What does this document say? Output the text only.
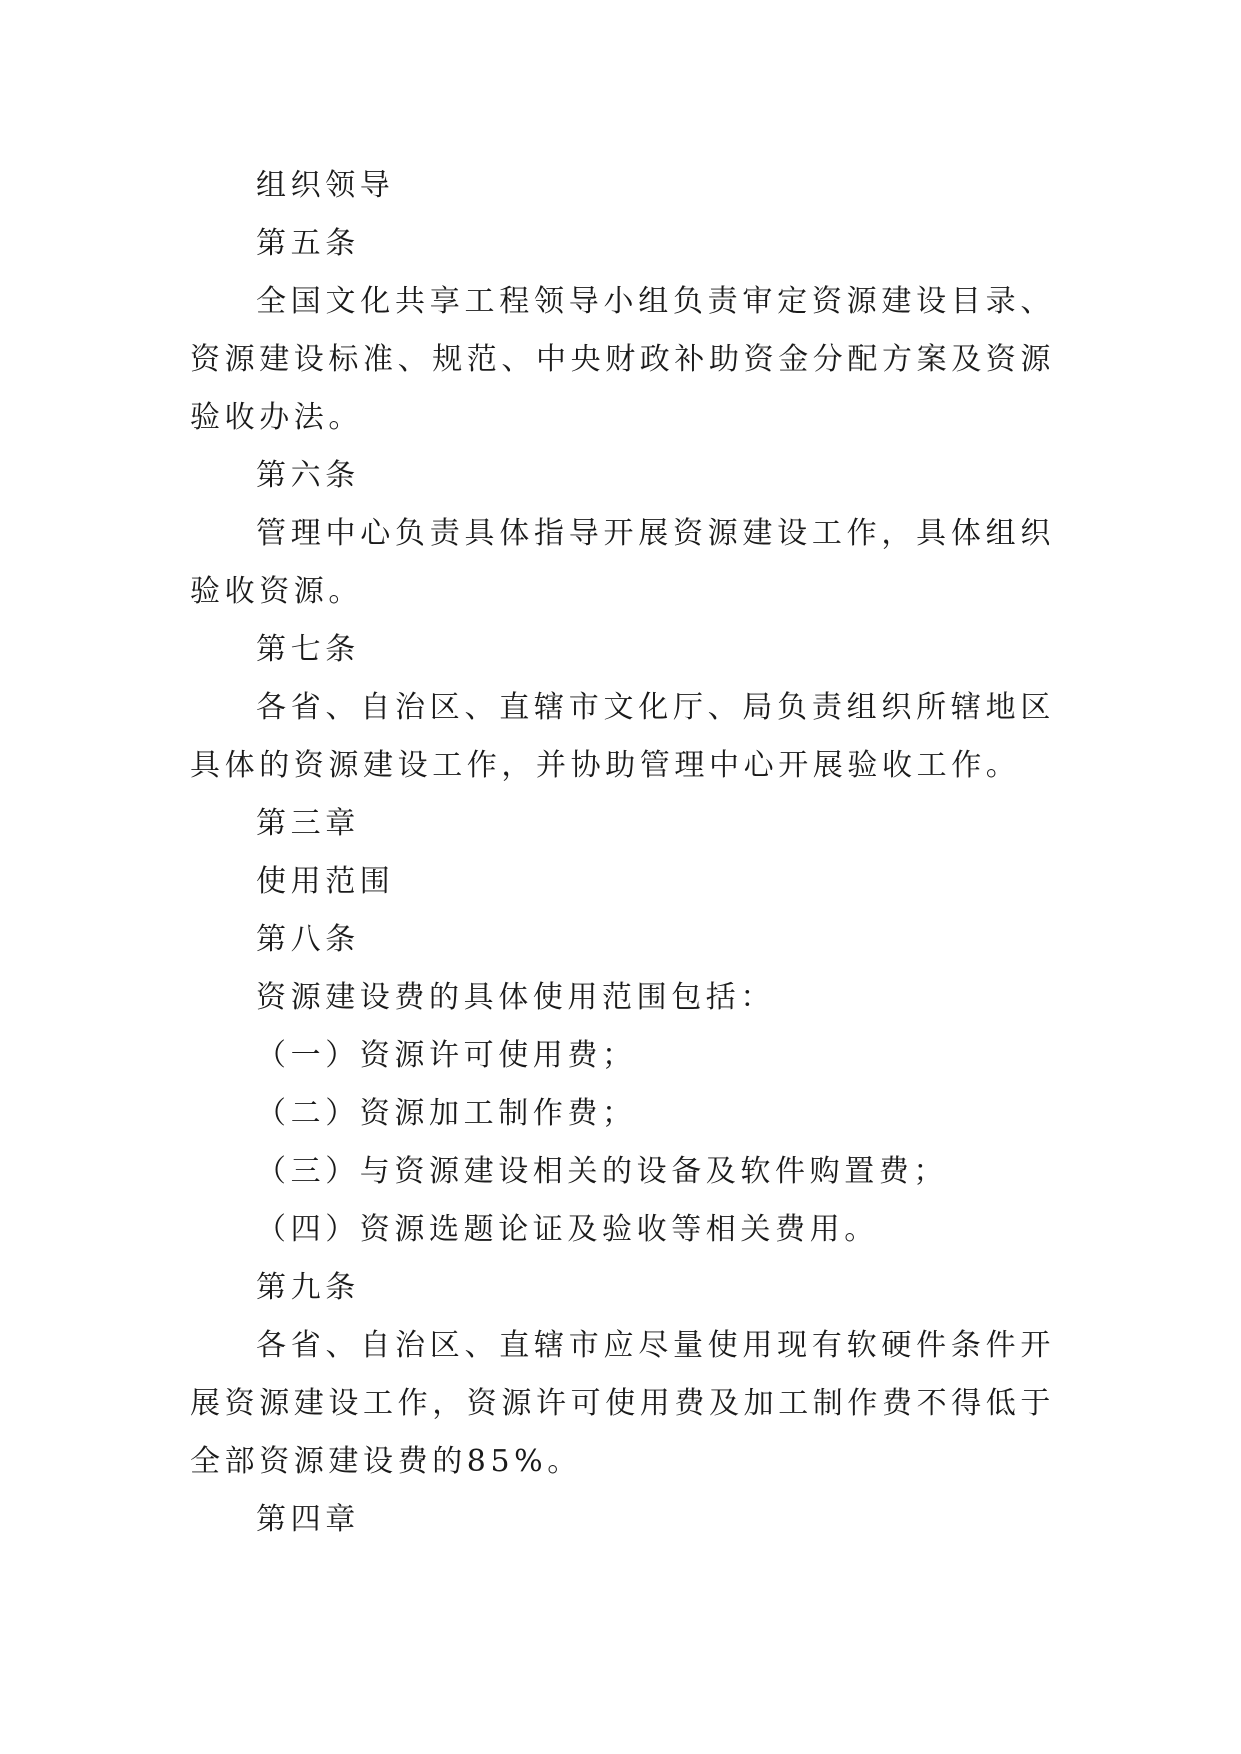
组织领导

第五条

全国文化共享工程领导小组负责审定资源建设目录、资源建设标准、规范、中央财政补助资金分配方案及资源验收办法。

第六条

管理中心负责具体指导开展资源建设工作，具体组织验收资源。

第七条

各省、自治区、直辖市文化厅、局负责组织所辖地区具体的资源建设工作，并协助管理中心开展验收工作。

第三章

使用范围

第八条

资源建设费的具体使用范围包括：

（一）资源许可使用费；

（二）资源加工制作费；

（三）与资源建设相关的设备及软件购置费；

（四）资源选题论证及验收等相关费用。

第九条

各省、自治区、直辖市应尽量使用现有软硬件条件开展资源建设工作，资源许可使用费及加工制作费不得低于全部资源建设费的85%。

第四章
